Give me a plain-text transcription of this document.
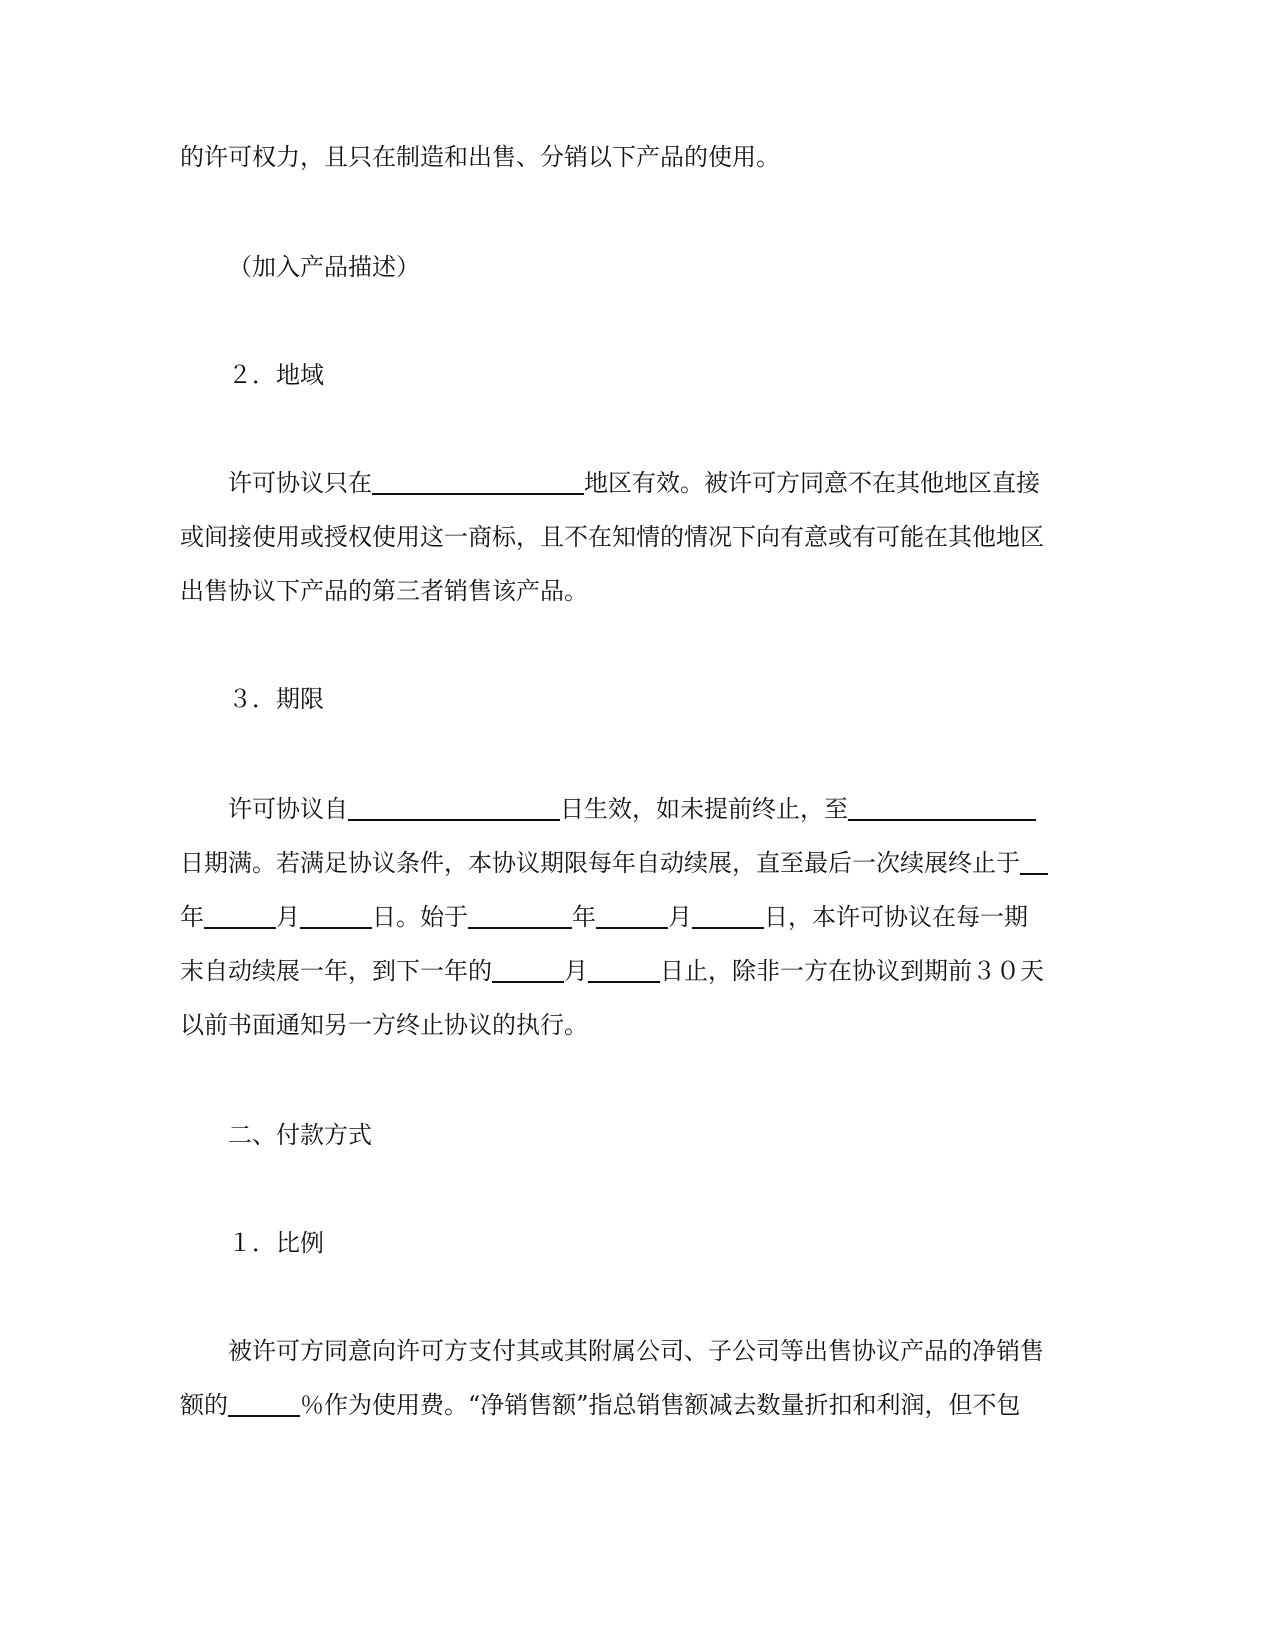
的许可权力，且只在制造和出售、分销以下产品的使用。
（加入产品描述）
２．地域
许可协议只在	地区有效。被许可方同意不在其他地区直接
或间接使用或授权使用这一商标，且不在知情的情况下向有意或有可能在其他地区
出售协议下产品的第三者销售该产品。
３．期限
许可协议自	日生效，如未提前终止，至
日期满。若满足协议条件，本协议期限每年自动续展，直至最后一次续展终止于
年	月	日。始于	年	月	日，本许可协议在每一期
末自动续展一年，到下一年的	月	日止，除非一方在协议到期前３０天
以前书面通知另一方终止协议的执行。
二、付款方式
１．比例
被许可方同意向许可方支付其或其附属公司、子公司等出售协议产品的净销售
额的	％作为使用费。“净销售额”指总销售额减去数量折扣和利润，但不包
